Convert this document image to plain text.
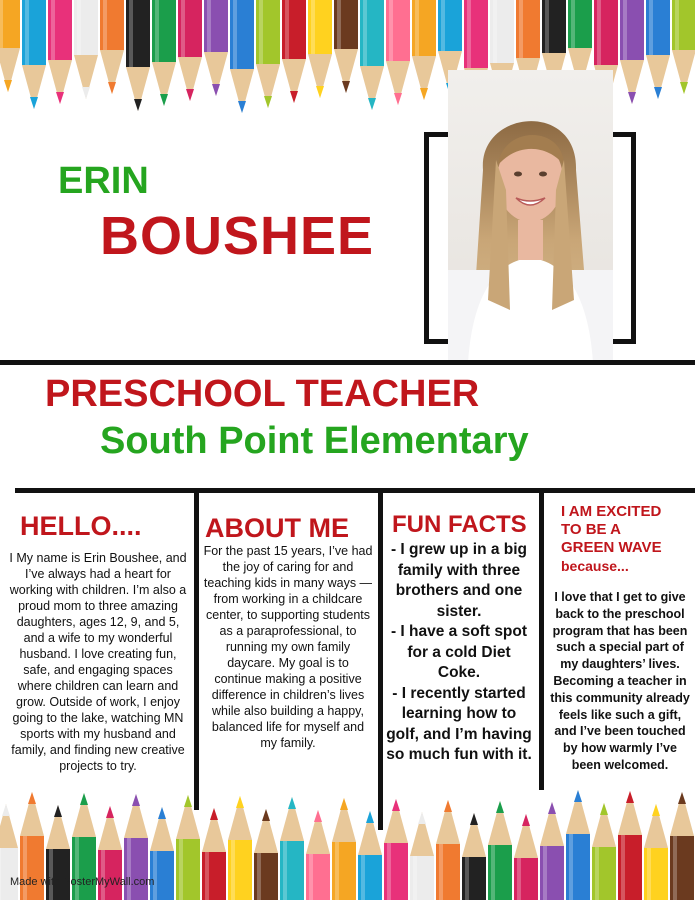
ERIN
BOUSHEE
PRESCHOOL TEACHER
South Point Elementary
HELLO....
I My name is Erin Boushee, and I’ve always had a heart for working with children. I’m also a proud mom to three amazing daughters, ages 12, 9, and 5, and a wife to my wonderful husband. I love creating fun, safe, and engaging spaces where children can learn and grow. Outside of work, I enjoy going to the lake, watching MN sports with my husband and family, and finding new creative projects to try.
ABOUT ME
For the past 15 years, I’ve had the joy of caring for and teaching kids in many ways — from working in a childcare center, to supporting students as a paraprofessional, to running my own family daycare. My goal is to continue making a positive difference in children’s lives while also building a happy, balanced life for myself and my family.
FUN FACTS
- I grew up in a big family with three brothers and one sister.
- I have a soft spot for a cold Diet Coke.
- I recently started learning how to golf, and I’m having so much fun with it.
I AM EXCITED
TO BE A
GREEN WAVE
because...
I love that I get to give back to the preschool program that has been such a special part of my daughters’ lives. Becoming a teacher in this community already feels like such a gift, and I’ve been touched by how warmly I’ve been welcomed.
Made with PosterMyWall.com
